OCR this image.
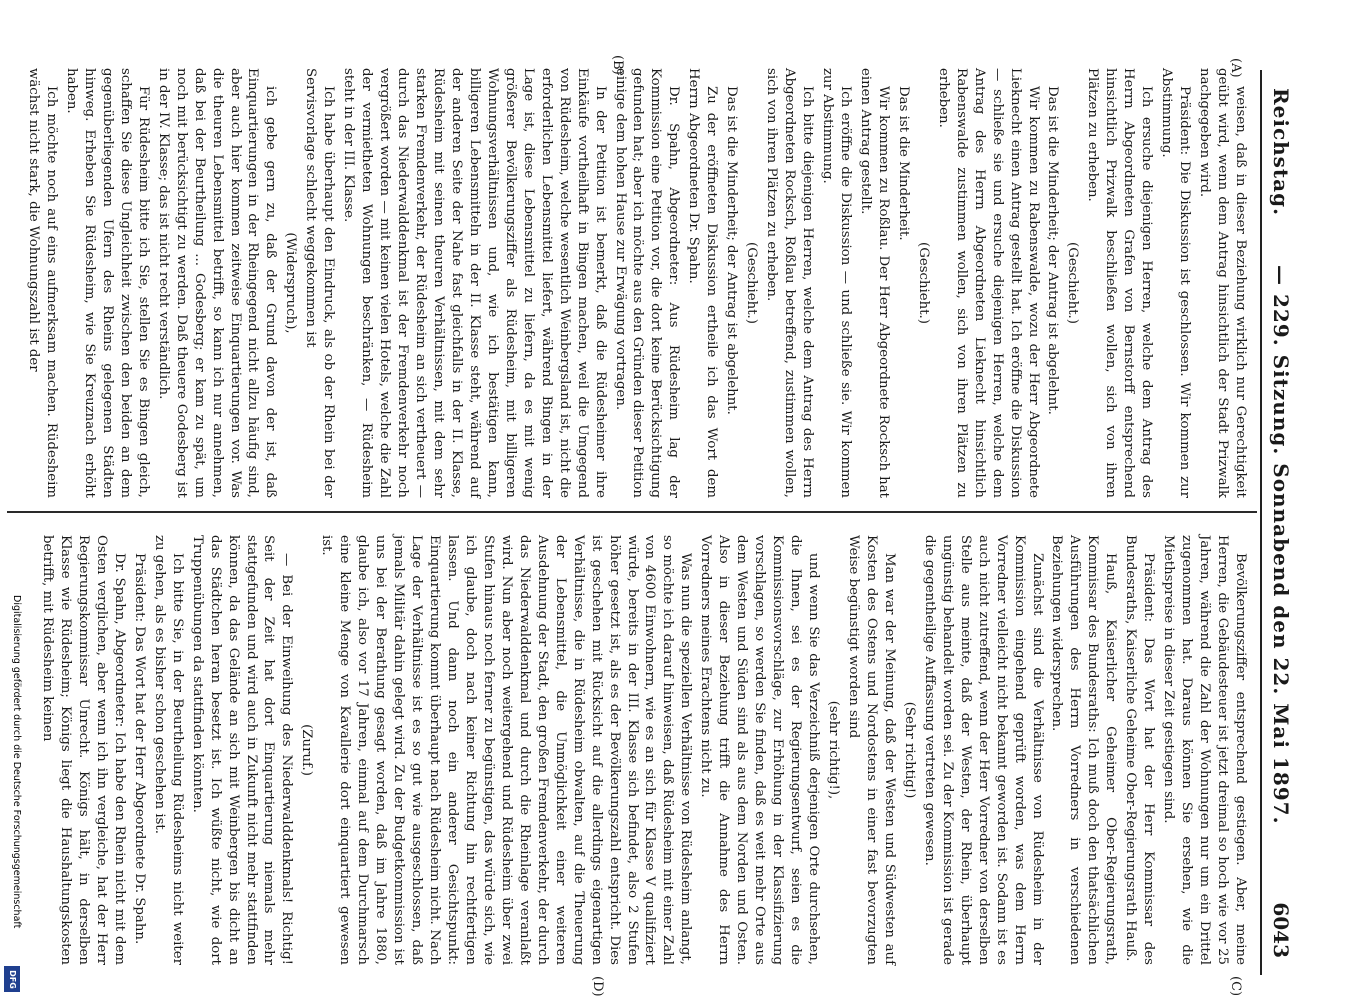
Reichstag.
— 229. Sitzung. Sonnabend den 22. Mai 1897.
6043
(A)
(B)
(C)
(D)

weisen, daß in dieser Beziehung wirklich nur Gerechtigkeit geübt wird, wenn dem Antrag hinsichtlich der Stadt Prizwalk nachgegeben wird.

Präsident: Die Diskussion ist geschlossen. Wir kommen zur Abstimmung.

Ich ersuche diejenigen Herren, welche dem Antrag des Herrn Abgeordneten Grafen von Bernstorff entsprechend hinsichtlich Prizwalk beschließen wollen, sich von ihren Plätzen zu erheben.

(Geschieht.)

Das ist die Minderheit; der Antrag ist abgelehnt.

Wir kommen zu Rabenswalde, wozu der Herr Abgeordnete Lieknecht einen Antrag gestellt hat. Ich eröffne die Diskussion — schließe sie und ersuche diejenigen Herren, welche dem Antrag des Herrn Abgeordneten Lieknecht hinsichtlich Rabenswalde zustimmen wollen, sich von ihren Plätzen zu erheben.

(Geschieht.)

Das ist die Minderheit.

Wir kommen zu Roßlau. Der Herr Abgeordnete Rocksch hat einen Antrag gestellt.

Ich eröffne die Diskussion — und schließe sie. Wir kommen zur Abstimmung.

Ich bitte diejenigen Herren, welche dem Antrag des Herrn Abgeordneten Rocksch, Roßlau betreffend, zustimmen wollen, sich von ihren Plätzen zu erheben.

(Geschieht.)

Das ist die Minderheit; der Antrag ist abgelehnt.

Zu der eröffneten Diskussion ertheile ich das Wort dem Herrn Abgeordneten Dr. Spahn.

Dr. Spahn, Abgeordneter: Aus Rüdesheim lag der Kommission eine Petition vor, die dort keine Berücksichtigung gefunden hat; aber ich möchte aus den Gründen dieser Petition einige dem hohen Hause zur Erwägung vortragen.

In der Petition ist bemerkt, daß die Rüdesheimer ihre Einkäufe vortheilhaft in Bingen machen, weil die Umgegend von Rüdesheim, welche wesentlich Weinbergsland ist, nicht die erforderlichen Lebensmittel liefert, während Bingen in der Lage ist, diese Lebensmittel zu liefern, da es mit wenig größerer Bevölkerungsziffer als Rüdesheim, mit billigeren Wohnungsverhältnissen und, wie ich bestätigen kann, billigeren Lebensmitteln in der II. Klasse steht, während auf der anderen Seite der Nahe fast gleichfalls in der II. Klasse, Rüdesheim mit seinen theuren Verhältnissen, mit dem sehr starken Fremdenverkehr, der Rüdesheim an sich vertheuert — durch das Niederwalddenkmal ist der Fremdenverkehr noch vergrößert worden — mit keinen vielen Hotels, welche die Zahl der vermietheten Wohnungen beschränken, — Rüdesheim steht in der III. Klasse.

Ich habe überhaupt den Eindruck, als ob der Rhein bei der Servisvorlage schlecht weggekommen ist

(Widerspruch),

ich gebe gern zu, daß der Grund davon der ist, daß Einquartierungen in der Rheingegend nicht allzu häufig sind, aber auch hier kommen zeitweise Einquartierungen vor. Was die theuren Lebensmittel betrifft, so kann ich nur annehmen, daß bei der Beurtheilung ... Godesberg; er kam zu spät, um noch mit berücksichtigt zu werden. Daß theuere Godesberg ist in der IV. Klasse; das ist nicht recht verständlich.

Für Rüdesheim bitte ich Sie, stellen Sie es Bingen gleich, schaffen Sie diese Ungleichheit zwischen den beiden an dem gegenüberliegenden Ufern des Rheins gelegenen Städten hinweg. Erheben Sie Rüdesheim, wie Sie Kreuznach erhöht haben.

Ich möchte noch auf eins aufmerksam machen. Rüdesheim wächst nicht stark, die Wohnungszahl ist der

Bevölkerungsziffer entsprechend gestiegen. Aber, meine Herren, die Gebäudesteuer ist jetzt dreimal so hoch wie vor 25 Jahren, während die Zahl der Wohnungen nur um ein Drittel zugenommen hat. Daraus können Sie ersehen, wie die Miethspreise in dieser Zeit gestiegen sind.

Präsident: Das Wort hat der Herr Kommissar des Bundesraths, Kaiserliche Geheime Ober-Regierungsrath Hauß.

Hauß, Kaiserlicher Geheimer Ober-Regierungsrath, Kommissar des Bundesraths: Ich muß doch den thatsächlichen Ausführungen des Herrn Vorredners in verschiedenen Beziehungen widersprechen.

Zunächst sind die Verhältnisse von Rüdesheim in der Kommission eingehend geprüft worden, was dem Herrn Vorredner vielleicht nicht bekannt geworden ist. Sodann ist es auch nicht zutreffend, wenn der Herr Vorredner von derselben Stelle aus meinte, daß der Westen, der Rhein, überhaupt ungünstig behandelt worden sei. Zu der Kommission ist gerade die gegentheilige Auffassung vertreten gewesen.

(Sehr richtig!)

Man war der Meinung, daß der Westen und Südwesten auf Kosten des Ostens und Nordostens in einer fast bevorzugten Weise begünstigt worden sind

(sehr richtig!),

und wenn Sie das Verzeichniß derjenigen Orte durchsehen, die Ihnen, sei es der Regierungsentwurf, seien es die Kommissionsvorschläge, zur Erhöhung in der Klassifizierung vorschlagen, so werden Sie finden, daß es weit mehr Orte aus dem Westen und Süden sind als aus dem Norden und Osten. Also in dieser Beziehung trifft die Annahme des Herrn Vorredners meines Erachtens nicht zu.

Was nun die speziellen Verhältnisse von Rüdesheim anlangt, so möchte ich darauf hinweisen, daß Rüdesheim mit einer Zahl von 4600 Einwohnern, wie es an sich für Klasse V qualifiziert würde, bereits in der III. Klasse sich befindet, also 2 Stufen höher gesetzt ist, als es der Bevölkerungszahl entspricht. Dies ist geschehen mit Rücksicht auf die allerdings eigenartigen Verhältnisse, die in Rüdesheim obwalten, auf die Theuerung der Lebensmittel, die Unmöglichkeit einer weiteren Ausdehnung der Stadt, den großen Fremdenverkehr, der durch das Niederwalddenkmal und durch die Rheinlage veranlaßt wird. Nun aber noch weitergehend und Rüdesheim über zwei Stufen hinaus noch ferner zu begünstigen, das würde sich, wie ich glaube, doch nach keiner Richtung hin rechtfertigen lassen. Und dann noch ein anderer Gesichtspunkt: Einquartierung kommt überhaupt nach Rüdesheim nicht. Nach Lage der Verhältnisse ist es so gut wie ausgeschlossen, daß jemals Militär dahin gelegt wird. Zu der Budgetkommission ist uns bei der Berathung gesagt worden, daß im Jahre 1880, glaube ich, also vor 17 Jahren, einmal auf dem Durchmarsch eine kleine Menge von Kavallerie dort einquartiert gewesen ist.

(Zuruf.)

— Bei der Einweihung des Niederwalddenkmals! Richtig! Seit der Zeit hat dort Einquartierung niemals mehr stattgefunden und wird auch in Zukunft nicht mehr stattfinden können, da das Gelände an sich mit Weinbergen bis dicht an das Städtchen heran besetzt ist. Ich wüßte nicht, wie dort Truppenübungen da stattfinden könnten.

Ich bitte Sie, in der Beurtheilung Rüdesheims nicht weiter zu gehen, als es bisher schon geschehen ist.

Präsident: Das Wort hat der Herr Abgeordnete Dr. Spahn.

Dr. Spahn, Abgeordneter: Ich habe den Rhein nicht mit dem Osten verglichen, aber wenn ich ihn vergleiche, hat der Herr Regierungskommissar Unrecht. Königs hält, in derselben Klasse wie Rüdesheim; Königs liegt die Haushaltungskosten betrifft, mit Rüdesheim keinen

Digitalisierung gefördert durch die Deutsche Forschungsgemeinschaft
DFG
